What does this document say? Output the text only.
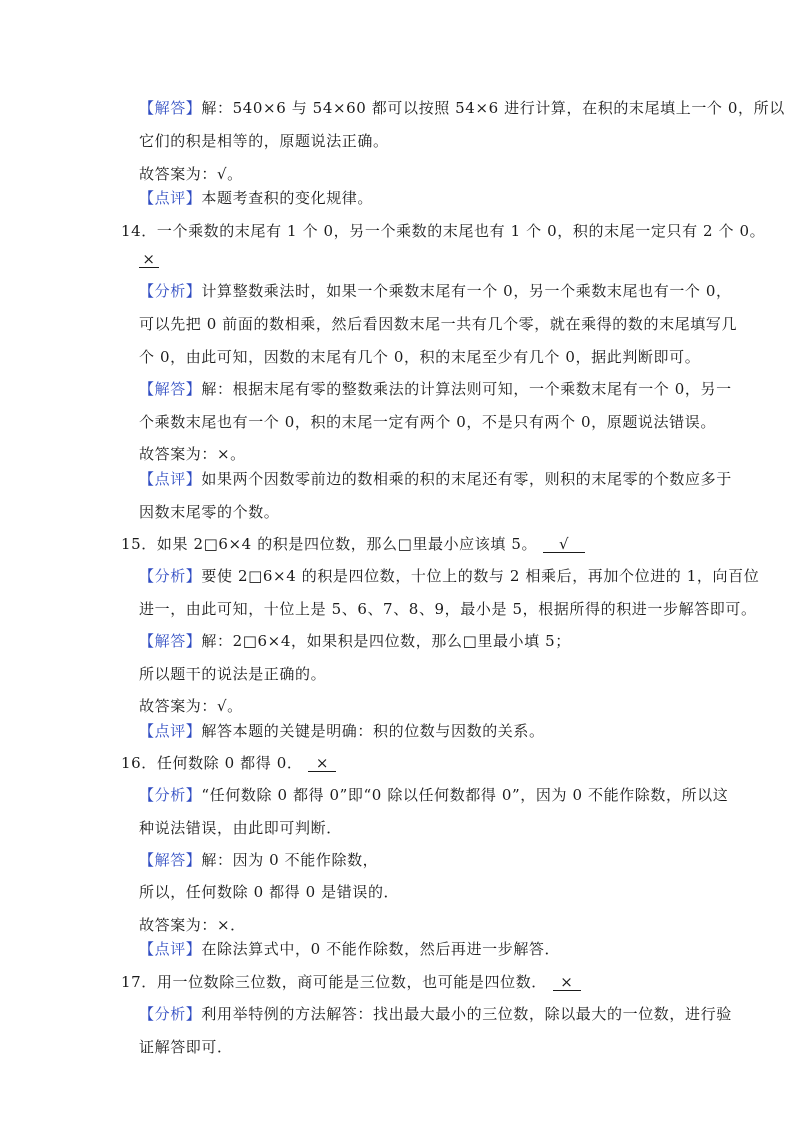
【解答】解：540×6 与 54×60 都可以按照 54×6 进行计算，在积的末尾填上一个 0，所以
它们的积是相等的，原题说法正确。
故答案为：√。
【点评】本题考查积的变化规律。
14．一个乘数的末尾有 1 个 0，另一个乘数的末尾也有 1 个 0，积的末尾一定只有 2 个 0。
×
【分析】计算整数乘法时，如果一个乘数末尾有一个 0，另一个乘数末尾也有一个 0，
可以先把 0 前面的数相乘，然后看因数末尾一共有几个零，就在乘得的数的末尾填写几
个 0，由此可知，因数的末尾有几个 0，积的末尾至少有几个 0，据此判断即可。
【解答】解：根据末尾有零的整数乘法的计算法则可知，一个乘数末尾有一个 0，另一
个乘数末尾也有一个 0，积的末尾一定有两个 0，不是只有两个 0，原题说法错误。
故答案为：×。
【点评】如果两个因数零前边的数相乘的积的末尾还有零，则积的末尾零的个数应多于
因数末尾零的个数。
15．如果 2□6×4 的积是四位数，那么□里最小应该填 5。 √
【分析】要使 2□6×4 的积是四位数，十位上的数与 2 相乘后，再加个位进的 1，向百位
进一，由此可知，十位上是 5、6、7、8、9，最小是 5，根据所得的积进一步解答即可。
【解答】解：2□6×4，如果积是四位数，那么□里最小填 5；
所以题干的说法是正确的。
故答案为：√。
【点评】解答本题的关键是明确：积的位数与因数的关系。
16．任何数除 0 都得 0． ×
【分析】“任何数除 0 都得 0”即“0 除以任何数都得 0”，因为 0 不能作除数，所以这
种说法错误，由此即可判断．
【解答】解：因为 0 不能作除数，
所以，任何数除 0 都得 0 是错误的．
故答案为：×．
【点评】在除法算式中，0 不能作除数，然后再进一步解答．
17．用一位数除三位数，商可能是三位数，也可能是四位数． ×
【分析】利用举特例的方法解答：找出最大最小的三位数，除以最大的一位数，进行验
证解答即可．
